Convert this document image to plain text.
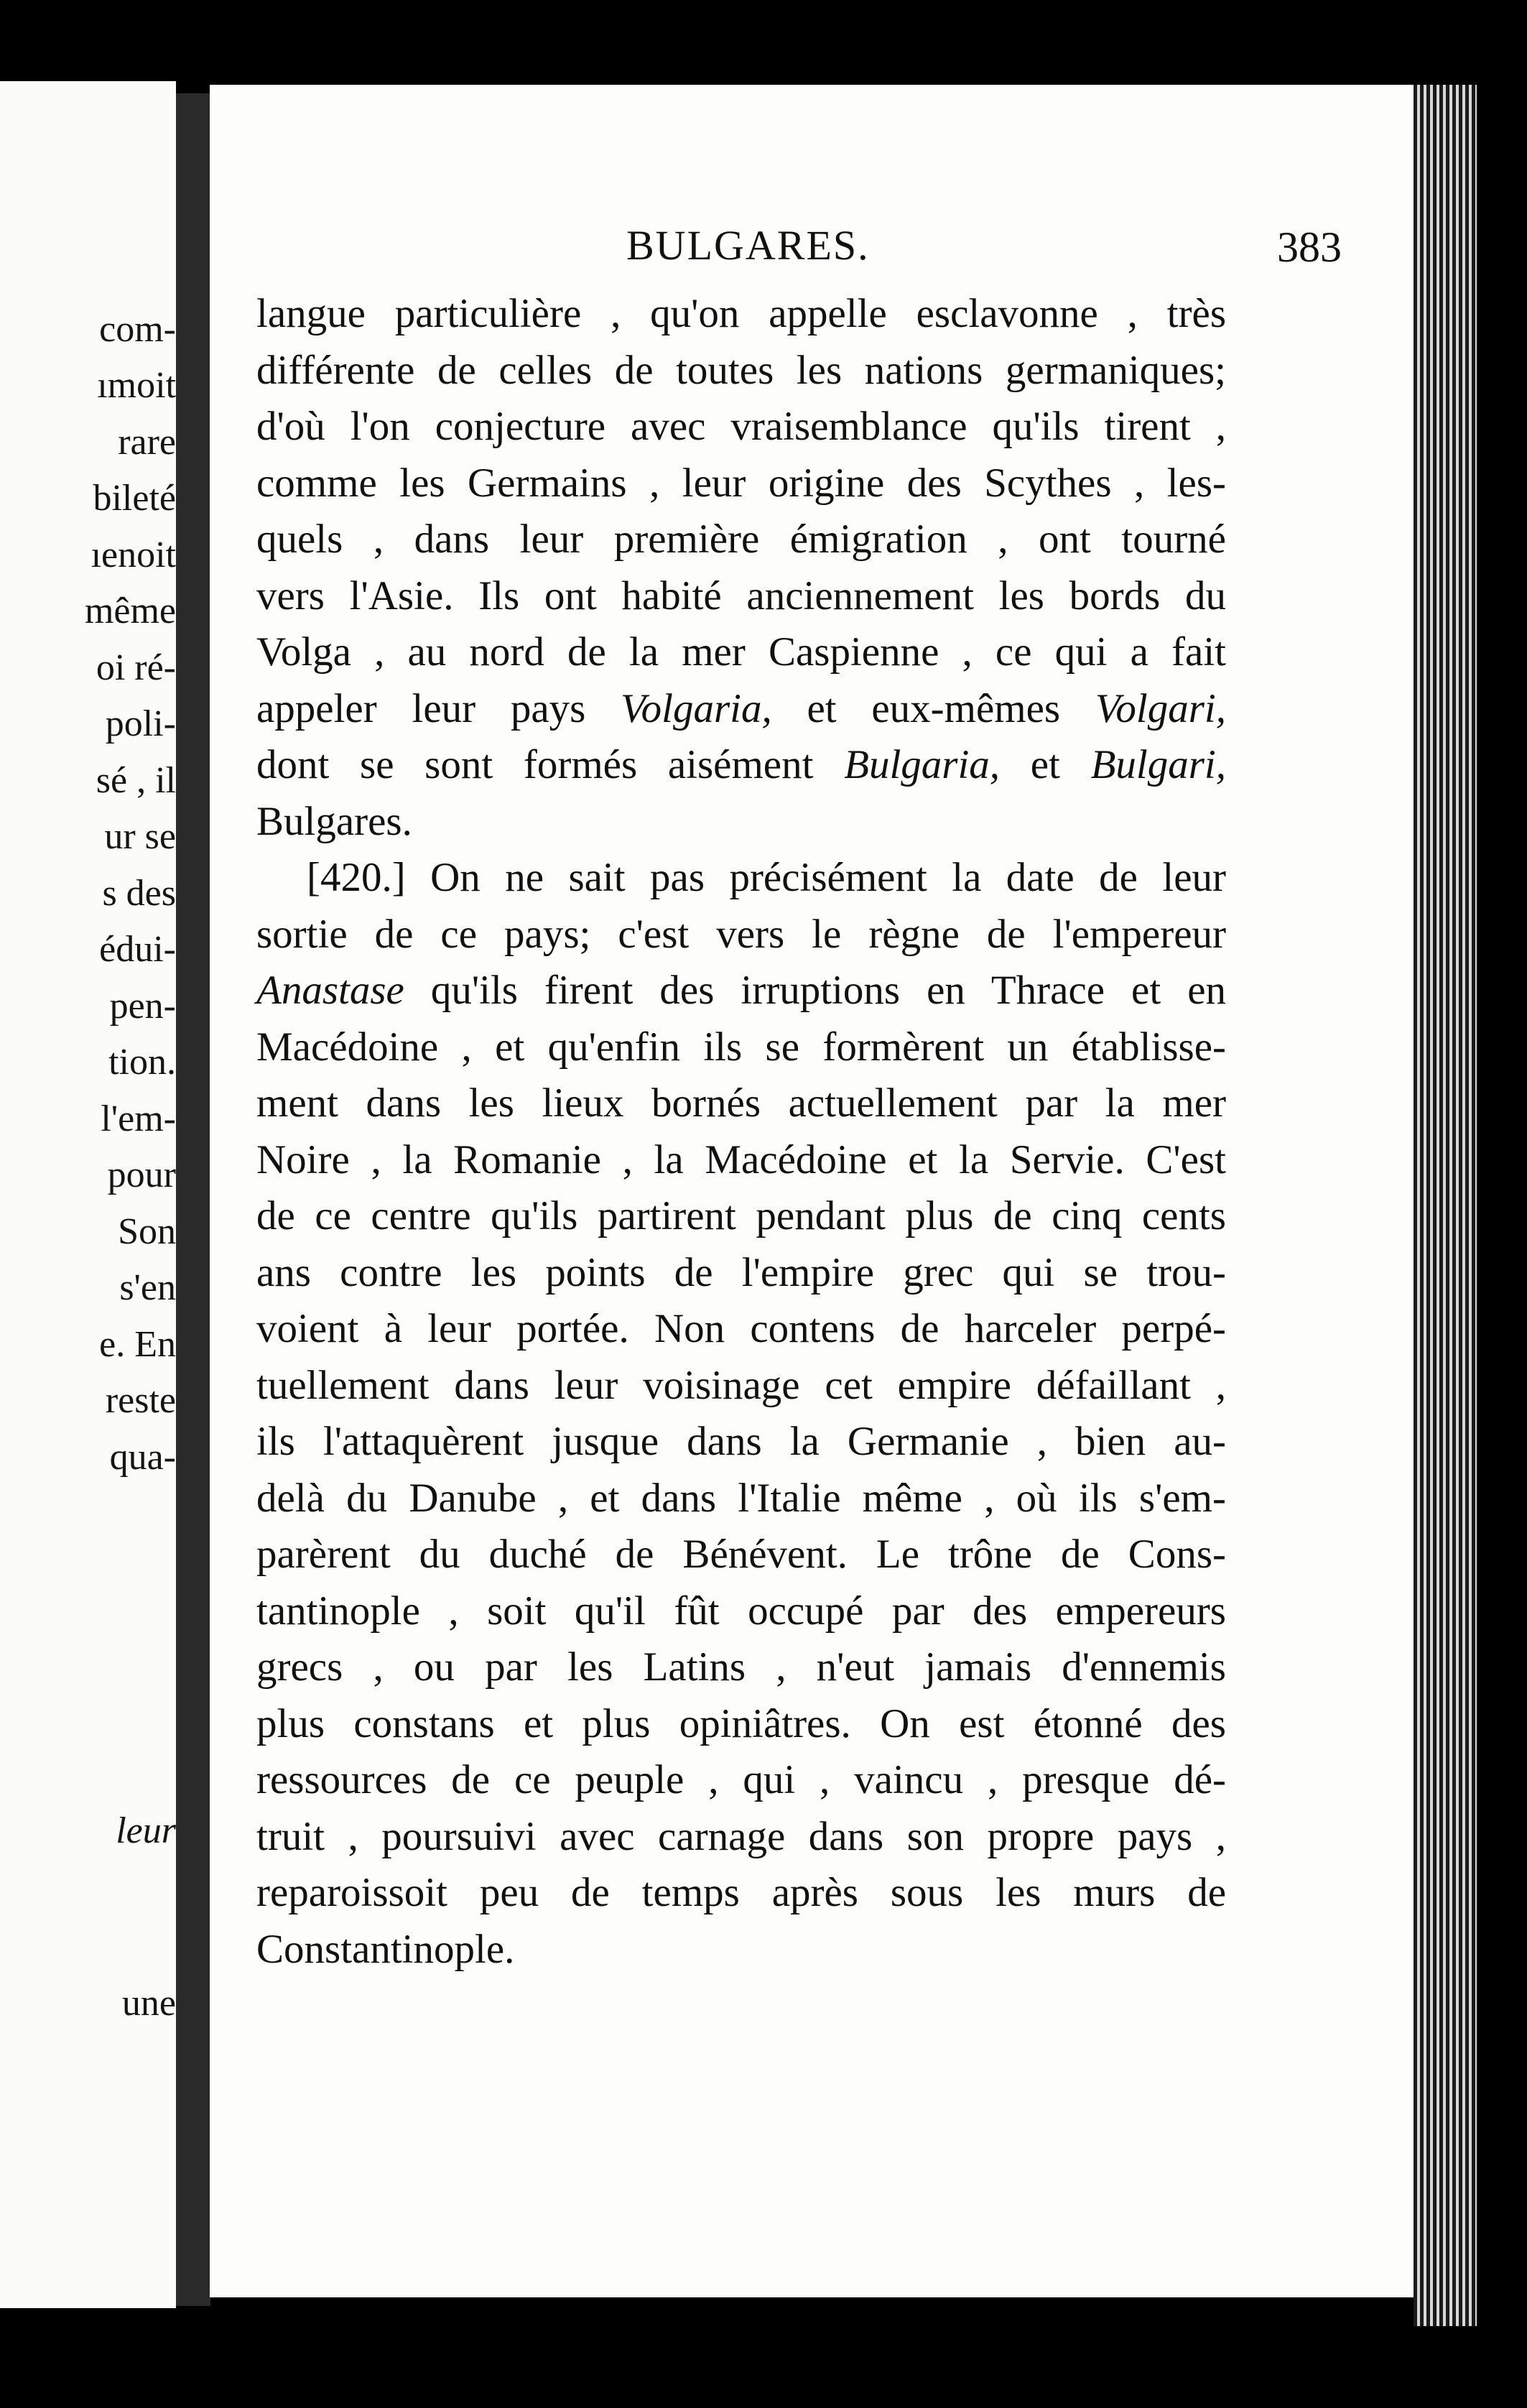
com-
ımoit
rare
bileté
ıenoit
même
oi ré-
poli-
sé , il
ur se
s des
édui-
pen-
tion.
l'em-
pour
Son
s'en
e. En
reste
qua-
leur
une
BULGARES.	383
langue particulière , qu'on appelle esclavonne , très
différente de celles de toutes les nations germaniques;
d'où l'on conjecture avec vraisemblance qu'ils tirent ,
comme les Germains , leur origine des Scythes , les-
quels , dans leur première émigration , ont tourné
vers l'Asie. Ils ont habité anciennement les bords du
Volga , au nord de la mer Caspienne , ce qui a fait
appeler leur pays Volgaria, et eux-mêmes Volgari,
dont se sont formés aisément Bulgaria, et Bulgari,
Bulgares.
[420.] On ne sait pas précisément la date de leur
sortie de ce pays; c'est vers le règne de l'empereur
Anastase qu'ils firent des irruptions en Thrace et en
Macédoine , et qu'enfin ils se formèrent un établisse-
ment dans les lieux bornés actuellement par la mer
Noire , la Romanie , la Macédoine et la Servie. C'est
de ce centre qu'ils partirent pendant plus de cinq cents
ans contre les points de l'empire grec qui se trou-
voient à leur portée. Non contens de harceler perpé-
tuellement dans leur voisinage cet empire défaillant ,
ils l'attaquèrent jusque dans la Germanie , bien au-
delà du Danube , et dans l'Italie même , où ils s'em-
parèrent du duché de Bénévent. Le trône de Cons-
tantinople , soit qu'il fût occupé par des empereurs
grecs , ou par les Latins , n'eut jamais d'ennemis
plus constans et plus opiniâtres. On est étonné des
ressources de ce peuple , qui , vaincu , presque dé-
truit , poursuivi avec carnage dans son propre pays ,
reparoissoit peu de temps après sous les murs de
Constantinople.
